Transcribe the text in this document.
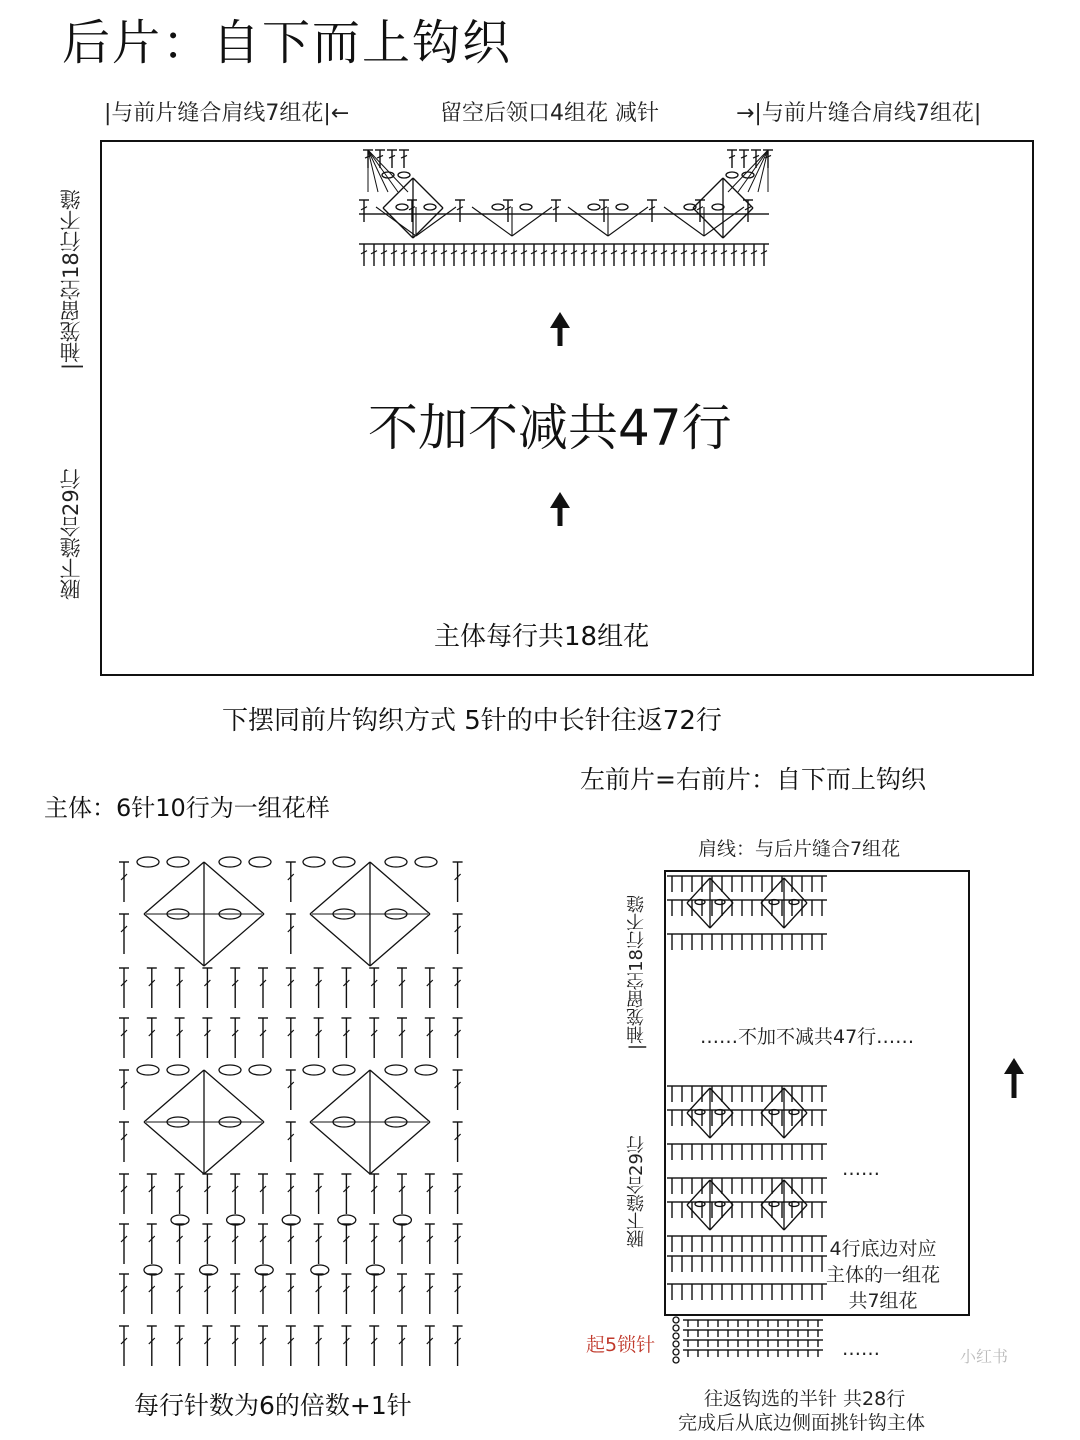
后片：自下而上钩织
|与前片缝合肩线7组花|←	留空后领口4组花 减针	→|与前片缝合肩线7组花|
|袖笼留空18行不缝
腋下缝合29行
不加不减共47行
主体每行共18组花
下摆同前片钩织方式 5针的中长针往返72行
主体：6针10行为一组花样
每行针数为6的倍数+1针
左前片=右前片：自下而上钩织
肩线：与后片缝合7组花
|袖笼留空18行不缝
腋下缝合29行
……不加不减共47行……
……
4行底边对应
主体的一组花
共7组花
起5锁针	……
往返钩选的半针 共28行
完成后从底边侧面挑针钩主体
小红书
